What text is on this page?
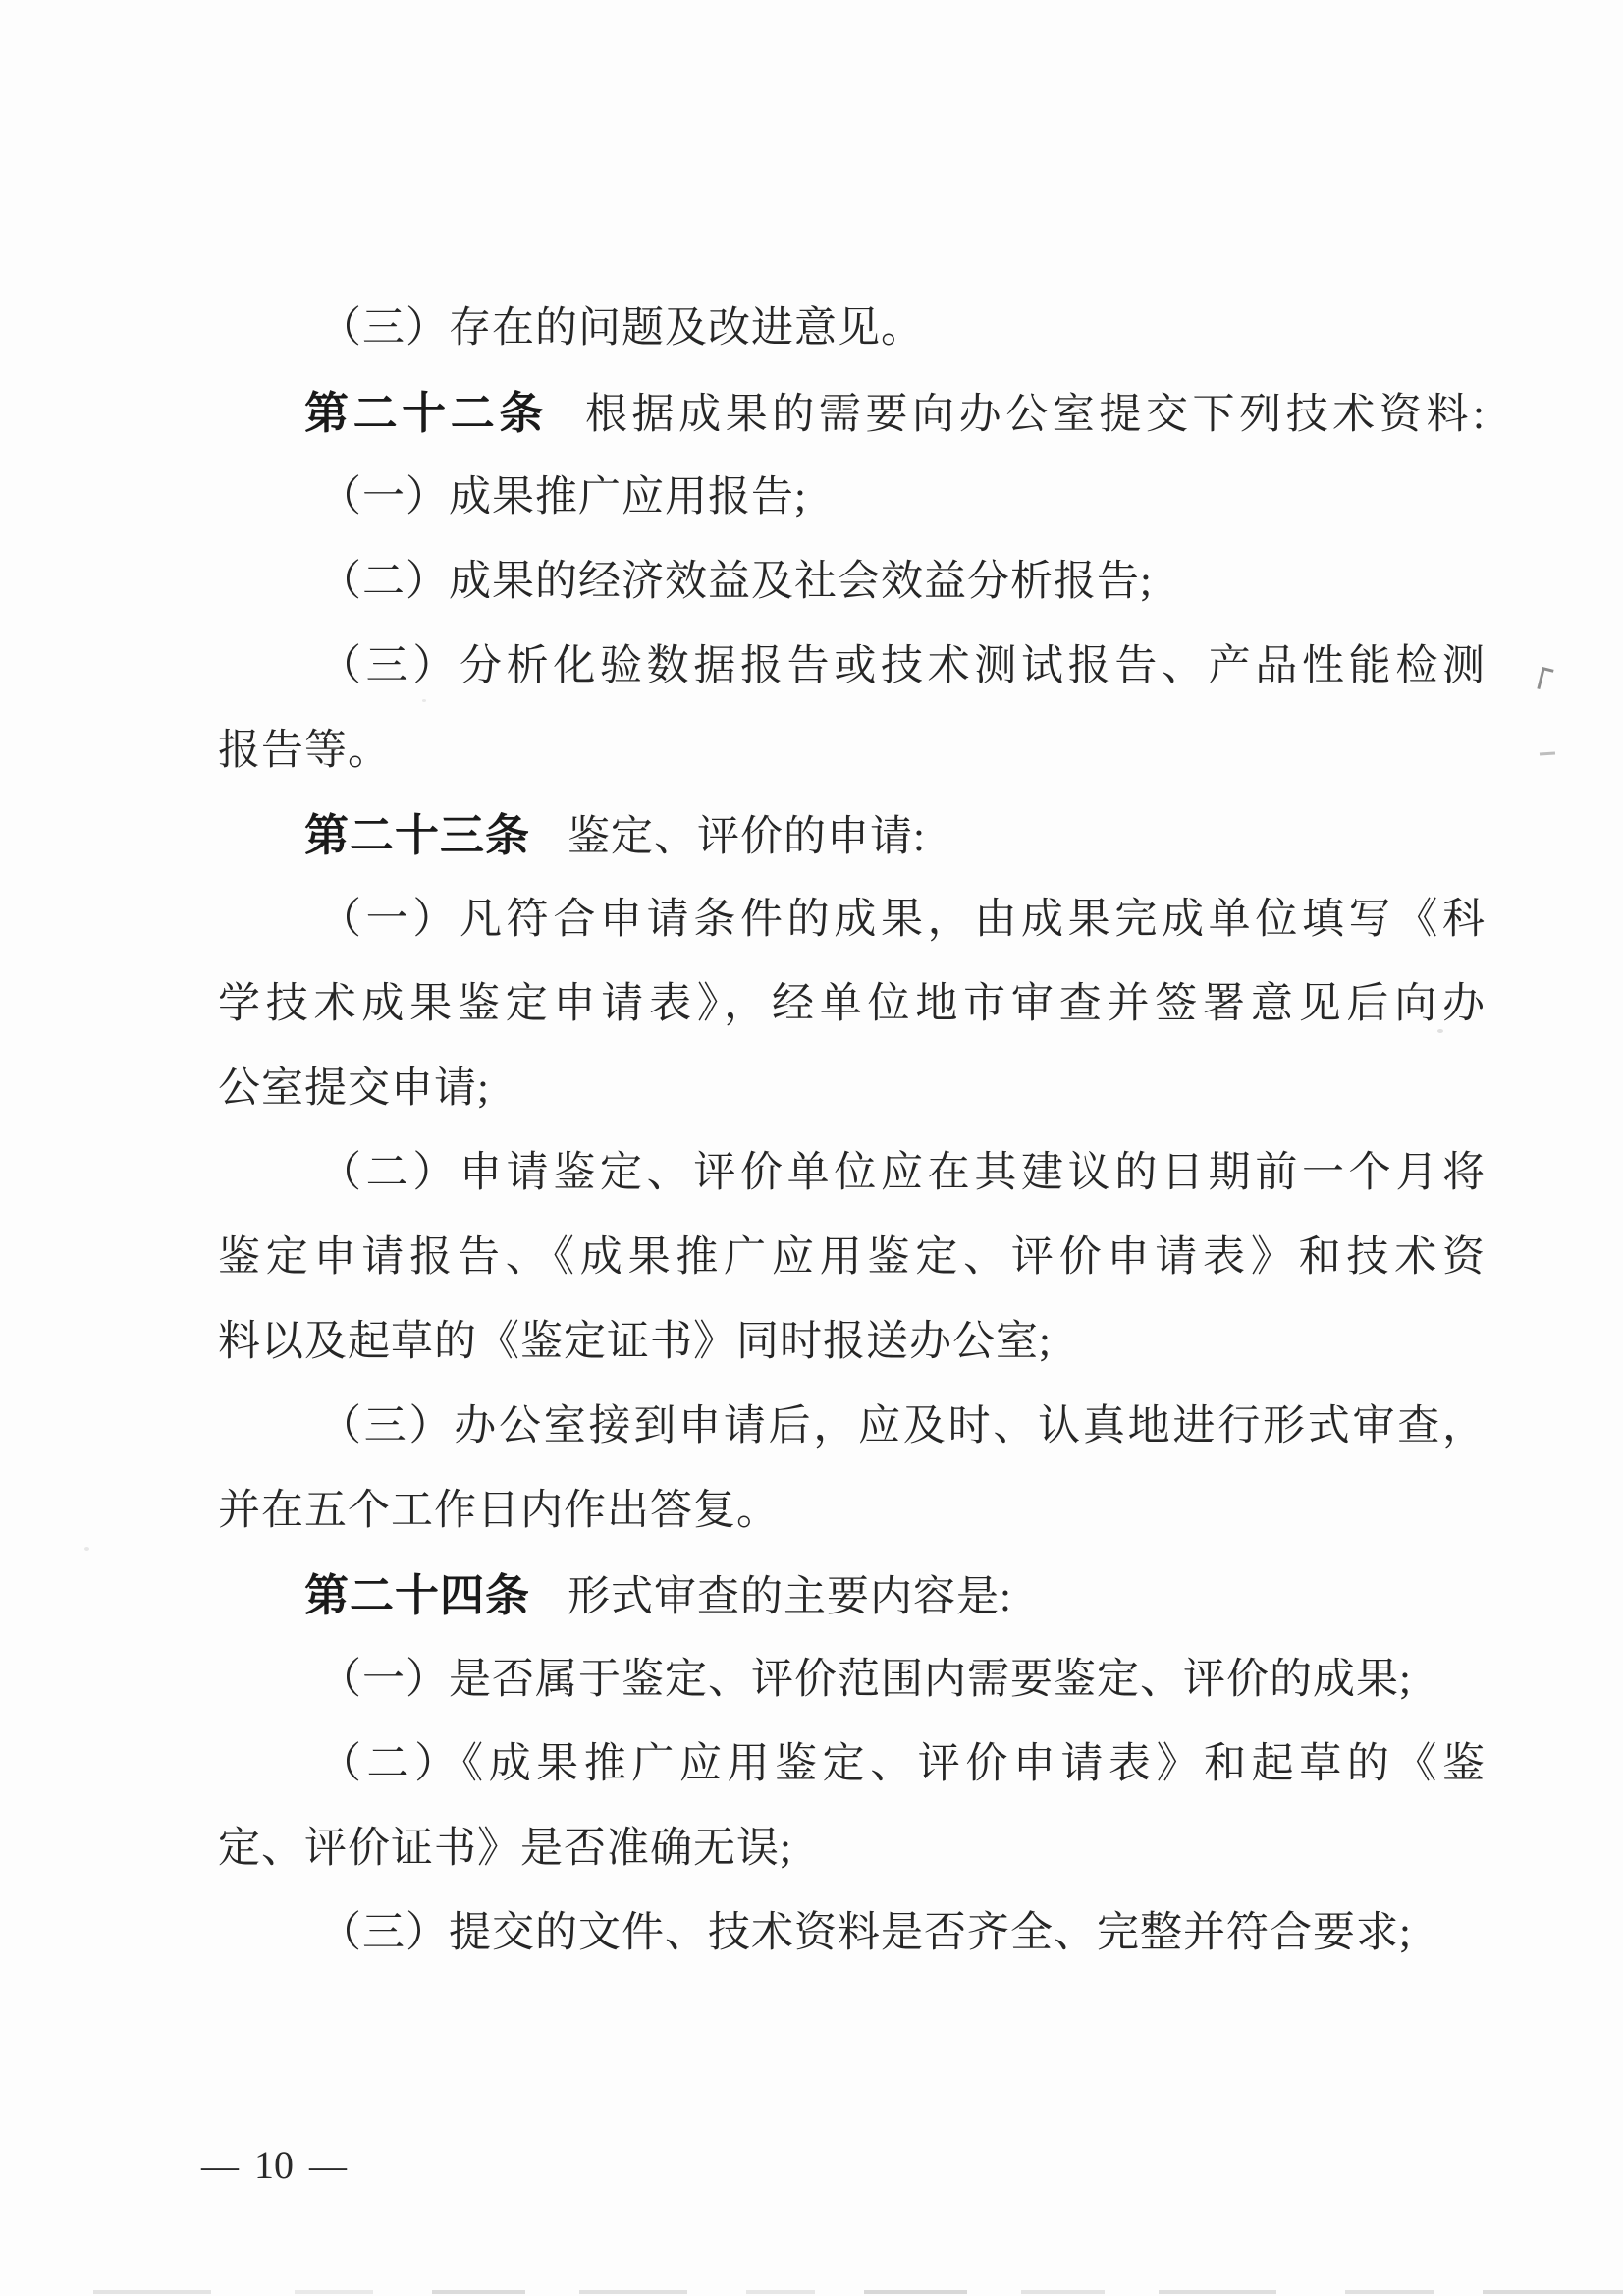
（三）存在的问题及改进意见。
第二十二条 根据成果的需要向办公室提交下列技术资料:
（一）成果推广应用报告;
（二）成果的经济效益及社会效益分析报告;
（三）分析化验数据报告或技术测试报告、产品性能检测
报告等。
第二十三条 鉴定、评价的申请:
（一）凡符合申请条件的成果，由成果完成单位填写《科
学技术成果鉴定申请表》，经单位地市审查并签署意见后向办
公室提交申请;
（二）申请鉴定、评价单位应在其建议的日期前一个月将
鉴定申请报告、《成果推广应用鉴定、评价申请表》和技术资
料以及起草的《鉴定证书》同时报送办公室;
（三）办公室接到申请后，应及时、认真地进行形式审查，
并在五个工作日内作出答复。
第二十四条 形式审查的主要内容是:
（一）是否属于鉴定、评价范围内需要鉴定、评价的成果;
（二）《成果推广应用鉴定、评价申请表》和起草的《鉴
定、评价证书》是否准确无误;
（三）提交的文件、技术资料是否齐全、完整并符合要求;
— 10 —
